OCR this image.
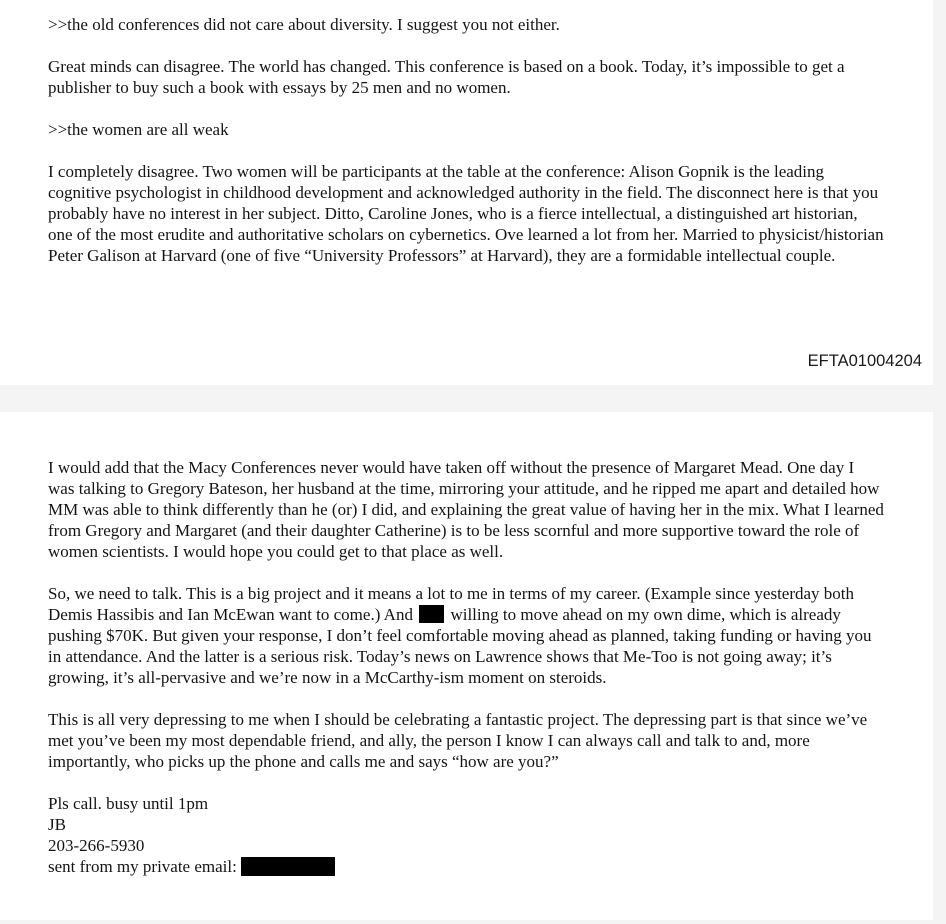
>>the old conferences did not care about diversity. I suggest you not either.

Great minds can disagree. The world has changed. This conference is based on a book. Today, it’s impossible to get a publisher to buy such a book with essays by 25 men and no women.

>>the women are all weak

I completely disagree. Two women will be participants at the table at the conference: Alison Gopnik is the leading cognitive psychologist in childhood development and acknowledged authority in the field. The disconnect here is that you probably have no interest in her subject. Ditto, Caroline Jones, who is a fierce intellectual, a distinguished art historian, one of the most erudite and authoritative scholars on cybernetics. Ove learned a lot from her. Married to physicist/historian Peter Galison at Harvard (one of five “University Professors” at Harvard), they are a formidable intellectual couple.

EFTA01004204

I would add that the Macy Conferences never would have taken off without the presence of Margaret Mead. One day I was talking to Gregory Bateson, her husband at the time, mirroring your attitude, and he ripped me apart and detailed how MM was able to think differently than he (or) I did, and explaining the great value of having her in the mix. What I learned from Gregory and Margaret (and their daughter Catherine) is to be less scornful and more supportive toward the role of women scientists. I would hope you could get to that place as well.

So, we need to talk. This is a big project and it means a lot to me in terms of my career. (Example since yesterday both Demis Hassibis and Ian McEwan want to come.) And willing to move ahead on my own dime, which is already pushing $70K. But given your response, I don’t feel comfortable moving ahead as planned, taking funding or having you in attendance. And the latter is a serious risk. Today’s news on Lawrence shows that Me-Too is not going away; it’s growing, it’s all-pervasive and we’re now in a McCarthy-ism moment on steroids.

This is all very depressing to me when I should be celebrating a fantastic project. The depressing part is that since we’ve met you’ve been my most dependable friend, and ally, the person I know I can always call and talk to and, more importantly, who picks up the phone and calls me and says “how are you?”

Pls call. busy until 1pm
JB
203-266-5930
sent from my private email:
